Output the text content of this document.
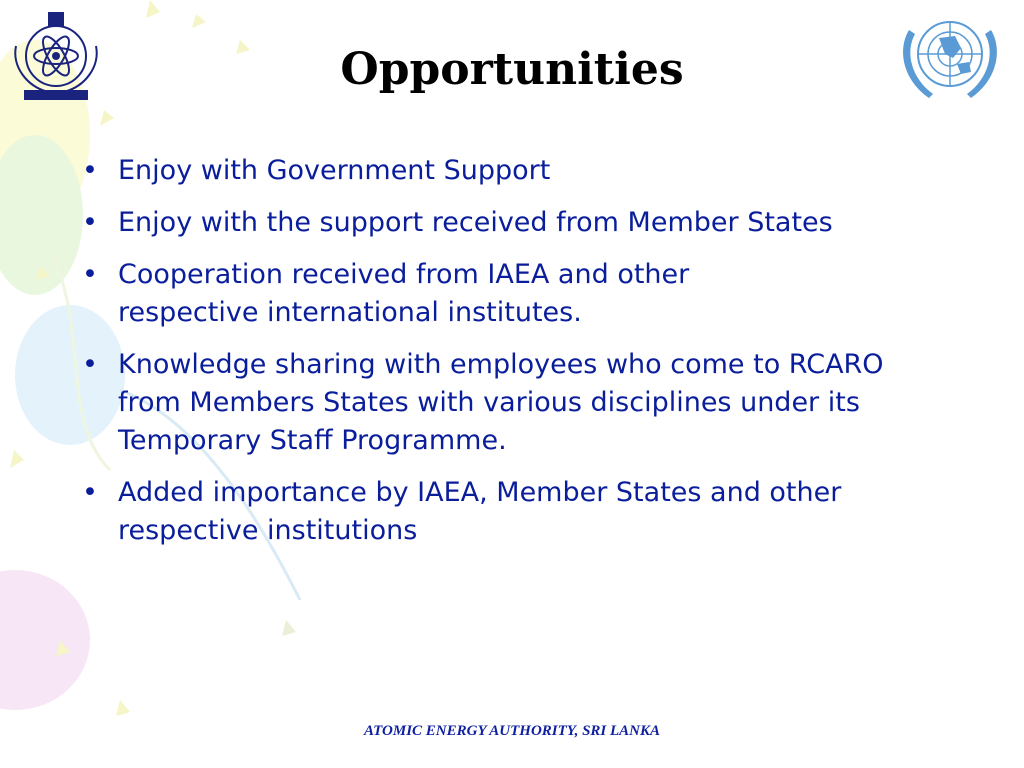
Opportunities
• Enjoy with Government Support
• Enjoy with the support received from Member States
• Cooperation received from IAEA and other respective international institutes.
• Knowledge sharing with employees who come to RCARO from Members States with various disciplines under its Temporary Staff Programme.
• Added importance by IAEA, Member States and other respective institutions
ATOMIC ENERGY AUTHORITY, SRI LANKA
